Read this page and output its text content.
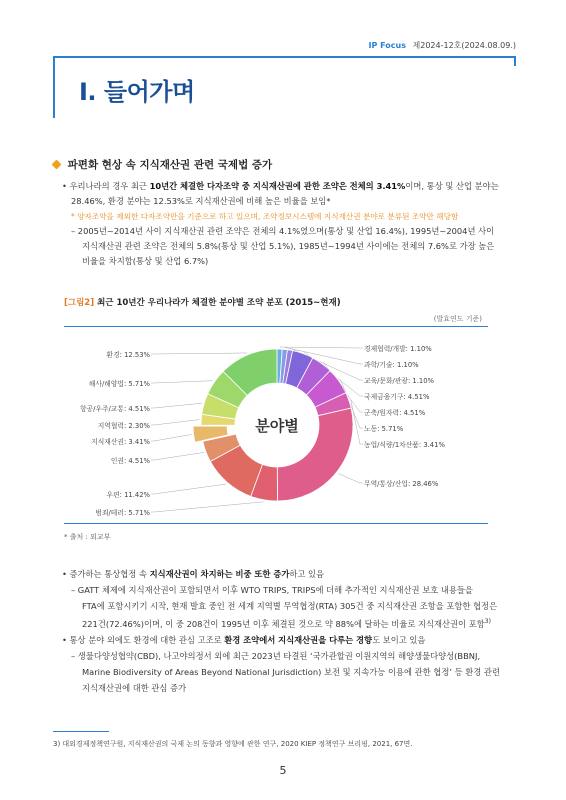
IP Focus 제2024-12호(2024.08.09.)
Ⅰ. 들어가며
파편화 현상 속 지식재산권 관련 국제법 증가
• 우리나라의 경우 최근 10년간 체결한 다자조약 중 지식재산권에 관한 조약은 전체의 3.41%이며, 통상 및 산업 분야는
28.46%, 환경 분야는 12.53%로 지식재산권에 비해 높은 비율을 보임*
* 양자조약을 제외한 다자조약만을 기준으로 하고 있으며, 조약정보시스템에 지식재산권 분야로 분류된 조약만 해당함
– 2005년~2014년 사이 지식재산권 관련 조약은 전체의 4.1%였으며(통상 및 산업 16.4%), 1995년~2004년 사이
지식재산권 관련 조약은 전체의 5.8%(통상 및 산업 5.1%), 1985년~1994년 사이에는 전체의 7.6%로 가장 높은
비율을 차지함(통상 및 산업 6.7%)
[그림2] 최근 10년간 우리나라가 체결한 분야별 조약 분포 (2015~현재)
(발효연도 기준)
경제협력/개발: 1.10%
과학/기술: 1.10%
교육/문화/관광: 1.10%
국제금융기구: 4.51%
군축/원자력: 4.51%
노동: 5.71%
농업/식량/1차산품: 3.41%
무역/통상/산업: 28.46%
범죄/테러: 5.71%
우편: 11.42%
인권: 4.51%
지식재산권: 3.41%
지역협력: 2.30%
항공/우주/교통: 4.51%
해사/해양법: 5.71%
환경: 12.53%
분야별
* 출처 : 외교부
• 증가하는 통상협정 속 지식재산권이 차지하는 비중 또한 증가하고 있음
– GATT 체제에 지식재산권이 포함되면서 이후 WTO TRIPS, TRIPS에 더해 추가적인 지식재산권 보호 내용들을
FTA에 포함시키기 시작, 현재 발효 중인 전 세계 지역별 무역협정(RTA) 305건 중 지식재산권 조항을 포함한 협정은
221건(72.46%)이며, 이 중 208건이 1995년 이후 체결된 것으로 약 88%에 달하는 비율로 지식재산권이 포함$^{3)}$
• 통상 분야 외에도 환경에 대한 관심 고조로 환경 조약에서 지식재산권을 다루는 경향도 보이고 있음
– 생물다양성협약(CBD), 나고야의정서 외에 최근 2023년 타결된 ‘국가관할권 이원지역의 해양생물다양성(BBNJ,
Marine Biodiversity of Areas Beyond National Jurisdiction) 보전 및 지속가능 이용에 관한 협정’ 등 환경 관련
지식재산권에 대한 관심 증가
3) 대외경제정책연구원, 지식재산권의 국제 논의 동향과 영향에 관한 연구, 2020 KIEP 정책연구 브리핑, 2021, 67면.
5
